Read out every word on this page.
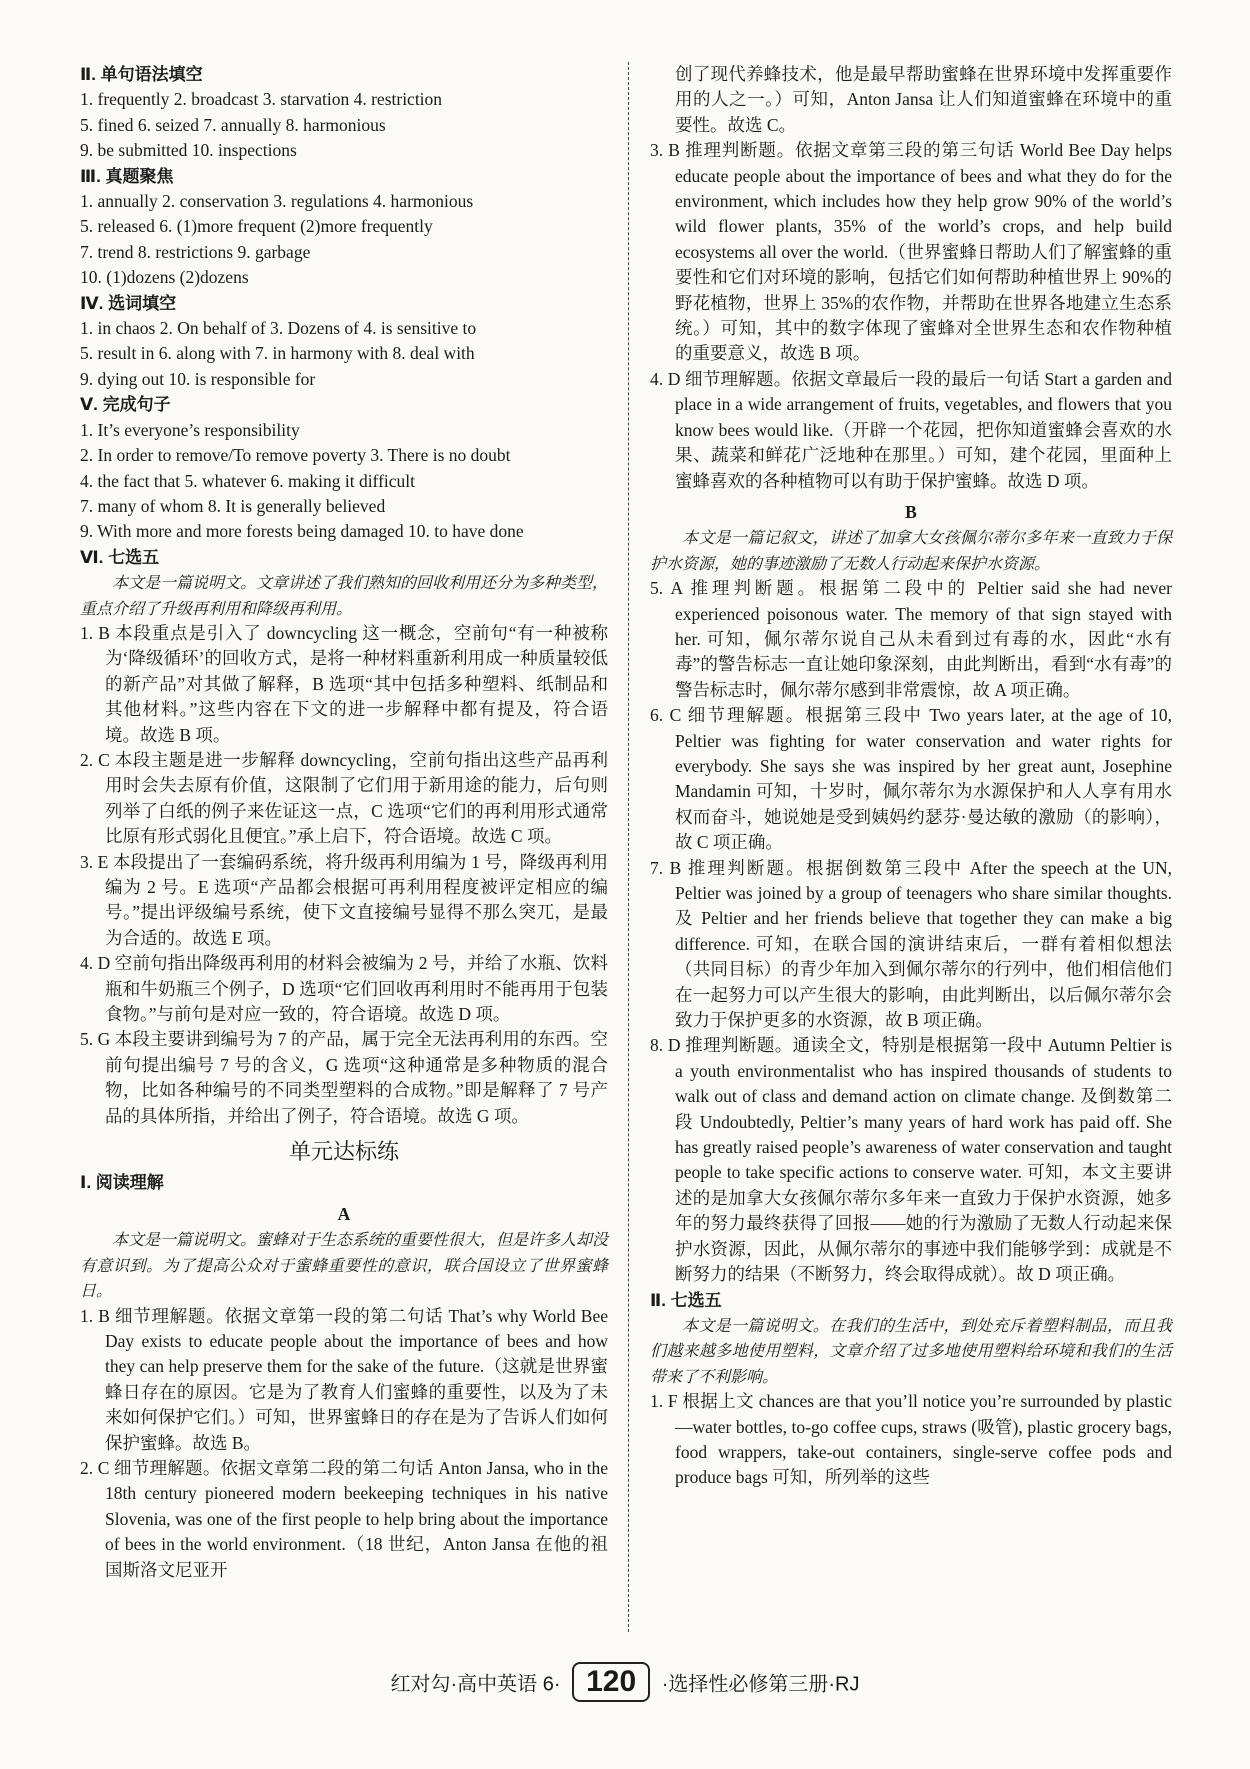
Ⅱ. 单句语法填空
1. frequently 2. broadcast 3. starvation 4. restriction
5. fined 6. seized 7. annually 8. harmonious
9. be submitted 10. inspections
Ⅲ. 真题聚焦
1. annually 2. conservation 3. regulations 4. harmonious
5. released 6. (1)more frequent (2)more frequently
7. trend 8. restrictions 9. garbage
10. (1)dozens (2)dozens
Ⅳ. 选词填空
1. in chaos 2. On behalf of 3. Dozens of 4. is sensitive to
5. result in 6. along with 7. in harmony with 8. deal with
9. dying out 10. is responsible for
Ⅴ. 完成句子
1. It’s everyone’s responsibility
2. In order to remove/To remove poverty 3. There is no doubt
4. the fact that 5. whatever 6. making it difficult
7. many of whom 8. It is generally believed
9. With more and more forests being damaged 10. to have done
Ⅵ. 七选五
本文是一篇说明文。文章讲述了我们熟知的回收利用还分为多种类型，重点介绍了升级再利用和降级再利用。
1. B 本段重点是引入了 downcycling 这一概念，空前句“有一种被称为‘降级循环’的回收方式，是将一种材料重新利用成一种质量较低的新产品”对其做了解释，B 选项“其中包括多种塑料、纸制品和其他材料。”这些内容在下文的进一步解释中都有提及，符合语境。故选 B 项。
2. C 本段主题是进一步解释 downcycling，空前句指出这些产品再利用时会失去原有价值，这限制了它们用于新用途的能力，后句则列举了白纸的例子来佐证这一点，C 选项“它们的再利用形式通常比原有形式弱化且便宜。”承上启下，符合语境。故选 C 项。
3. E 本段提出了一套编码系统，将升级再利用编为 1 号，降级再利用编为 2 号。E 选项“产品都会根据可再利用程度被评定相应的编号。”提出评级编号系统，使下文直接编号显得不那么突兀，是最为合适的。故选 E 项。
4. D 空前句指出降级再利用的材料会被编为 2 号，并给了水瓶、饮料瓶和牛奶瓶三个例子，D 选项“它们回收再利用时不能再用于包装食物。”与前句是对应一致的，符合语境。故选 D 项。
5. G 本段主要讲到编号为 7 的产品，属于完全无法再利用的东西。空前句提出编号 7 号的含义，G 选项“这种通常是多种物质的混合物，比如各种编号的不同类型塑料的合成物。”即是解释了 7 号产品的具体所指，并给出了例子，符合语境。故选 G 项。
单元达标练
Ⅰ. 阅读理解
A
本文是一篇说明文。蜜蜂对于生态系统的重要性很大，但是许多人却没有意识到。为了提高公众对于蜜蜂重要性的意识，联合国设立了世界蜜蜂日。
1. B 细节理解题。依据文章第一段的第二句话 That’s why World Bee Day exists to educate people about the importance of bees and how they can help preserve them for the sake of the future.（这就是世界蜜蜂日存在的原因。它是为了教育人们蜜蜂的重要性，以及为了未来如何保护它们。）可知，世界蜜蜂日的存在是为了告诉人们如何保护蜜蜂。故选 B。
2. C 细节理解题。依据文章第二段的第二句话 Anton Jansa, who in the 18th century pioneered modern beekeeping techniques in his native Slovenia, was one of the first people to help bring about the importance of bees in the world environment.（18 世纪，Anton Jansa 在他的祖国斯洛文尼亚开
创了现代养蜂技术，他是最早帮助蜜蜂在世界环境中发挥重要作用的人之一。）可知，Anton Jansa 让人们知道蜜蜂在环境中的重要性。故选 C。
3. B 推理判断题。依据文章第三段的第三句话 World Bee Day helps educate people about the importance of bees and what they do for the environment, which includes how they help grow 90% of the world’s wild flower plants, 35% of the world’s crops, and help build ecosystems all over the world.（世界蜜蜂日帮助人们了解蜜蜂的重要性和它们对环境的影响，包括它们如何帮助种植世界上 90%的野花植物，世界上 35%的农作物，并帮助在世界各地建立生态系统。）可知，其中的数字体现了蜜蜂对全世界生态和农作物种植的重要意义，故选 B 项。
4. D 细节理解题。依据文章最后一段的最后一句话 Start a garden and place in a wide arrangement of fruits, vegetables, and flowers that you know bees would like.（开辟一个花园，把你知道蜜蜂会喜欢的水果、蔬菜和鲜花广泛地种在那里。）可知，建个花园，里面种上蜜蜂喜欢的各种植物可以有助于保护蜜蜂。故选 D 项。
B
本文是一篇记叙文，讲述了加拿大女孩佩尔蒂尔多年来一直致力于保护水资源，她的事迹激励了无数人行动起来保护水资源。
5. A 推理判断题。根据第二段中的 Peltier said she had never experienced poisonous water. The memory of that sign stayed with her. 可知，佩尔蒂尔说自己从未看到过有毒的水，因此“水有毒”的警告标志一直让她印象深刻，由此判断出，看到“水有毒”的警告标志时，佩尔蒂尔感到非常震惊，故 A 项正确。
6. C 细节理解题。根据第三段中 Two years later, at the age of 10, Peltier was fighting for water conservation and water rights for everybody. She says she was inspired by her great aunt, Josephine Mandamin 可知，十岁时，佩尔蒂尔为水源保护和人人享有用水权而奋斗，她说她是受到姨妈约瑟芬·曼达敏的激励（的影响），故 C 项正确。
7. B 推理判断题。根据倒数第三段中 After the speech at the UN, Peltier was joined by a group of teenagers who share similar thoughts. 及 Peltier and her friends believe that together they can make a big difference. 可知，在联合国的演讲结束后，一群有着相似想法（共同目标）的青少年加入到佩尔蒂尔的行列中，他们相信他们在一起努力可以产生很大的影响，由此判断出，以后佩尔蒂尔会致力于保护更多的水资源，故 B 项正确。
8. D 推理判断题。通读全文，特别是根据第一段中 Autumn Peltier is a youth environmentalist who has inspired thousands of students to walk out of class and demand action on climate change. 及倒数第二段 Undoubtedly, Peltier’s many years of hard work has paid off. She has greatly raised people’s awareness of water conservation and taught people to take specific actions to conserve water. 可知，本文主要讲述的是加拿大女孩佩尔蒂尔多年来一直致力于保护水资源，她多年的努力最终获得了回报——她的行为激励了无数人行动起来保护水资源，因此，从佩尔蒂尔的事迹中我们能够学到：成就是不断努力的结果（不断努力，终会取得成就）。故 D 项正确。
Ⅱ. 七选五
本文是一篇说明文。在我们的生活中，到处充斥着塑料制品，而且我们越来越多地使用塑料，文章介绍了过多地使用塑料给环境和我们的生活带来了不利影响。
1. F 根据上文 chances are that you’ll notice you’re surrounded by plastic—water bottles, to-go coffee cups, straws (吸管), plastic grocery bags, food wrappers, take-out containers, single-serve coffee pods and produce bags 可知，所列举的这些
红对勾·高中英语 6· 120 ·选择性必修第三册·RJ
